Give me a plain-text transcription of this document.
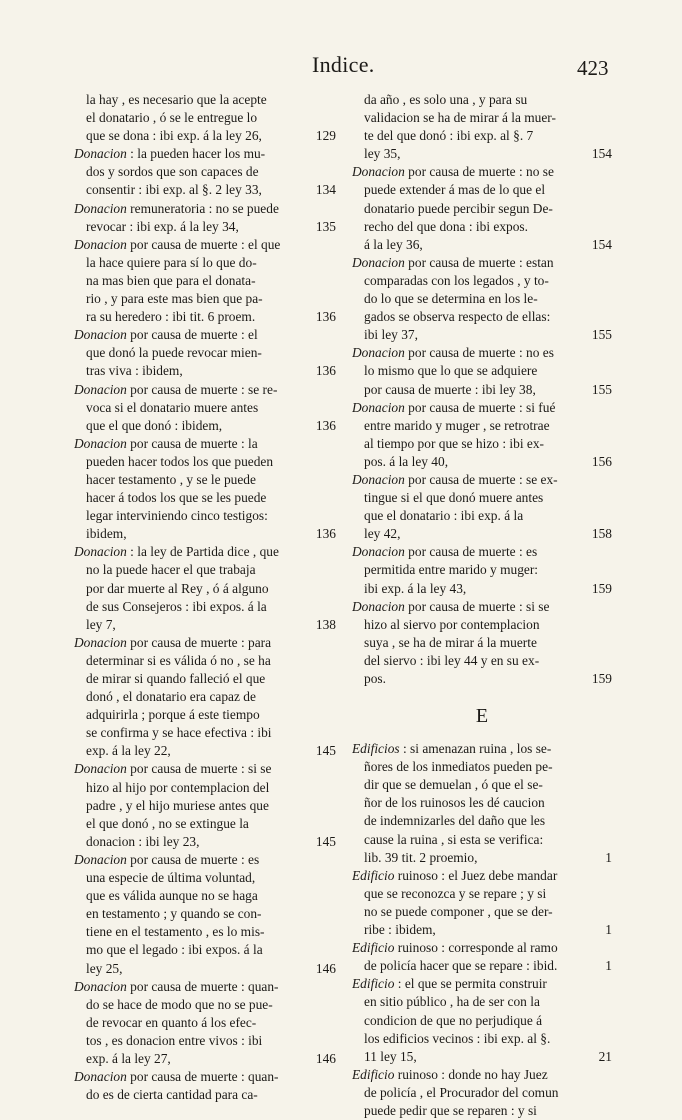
Indice.	423
la hay , es necesario que la acepte
el donatario , ó se le entregue lo
que se dona : ibi exp. á la ley 26,	129
Donacion : la pueden hacer los mu-
dos y sordos que son capaces de
consentir : ibi exp. al §. 2 ley 33,	134
Donacion remuneratoria : no se puede
revocar : ibi exp. á la ley 34,	135
Donacion por causa de muerte : el que
la hace quiere para sí lo que do-
na mas bien que para el donata-
rio , y para este mas bien que pa-
ra su heredero : ibi tit. 6 proem.	136
Donacion por causa de muerte : el
que donó la puede revocar mien-
tras viva : ibidem,	136
Donacion por causa de muerte : se re-
voca si el donatario muere antes
que el que donó : ibidem,	136
Donacion por causa de muerte : la
pueden hacer todos los que pueden
hacer testamento , y se le puede
hacer á todos los que se les puede
legar interviniendo cinco testigos:
ibidem,	136
Donacion : la ley de Partida dice , que
no la puede hacer el que trabaja
por dar muerte al Rey , ó á alguno
de sus Consejeros : ibi expos. á la
ley 7,	138
Donacion por causa de muerte : para
determinar si es válida ó no , se ha
de mirar si quando falleció el que
donó , el donatario era capaz de
adquirirla ; porque á este tiempo
se confirma y se hace efectiva : ibi
exp. á la ley 22,	145
Donacion por causa de muerte : si se
hizo al hijo por contemplacion del
padre , y el hijo muriese antes que
el que donó , no se extingue la
donacion : ibi ley 23,	145
Donacion por causa de muerte : es
una especie de última voluntad,
que es válida aunque no se haga
en testamento ; y quando se con-
tiene en el testamento , es lo mis-
mo que el legado : ibi expos. á la
ley 25,	146
Donacion por causa de muerte : quan-
do se hace de modo que no se pue-
de revocar en quanto á los efec-
tos , es donacion entre vivos : ibi
exp. á la ley 27,	146
Donacion por causa de muerte : quan-
do es de cierta cantidad para ca-
da año , es solo una , y para su
validacion se ha de mirar á la muer-
te del que donó : ibi exp. al §. 7
ley 35,	154
Donacion por causa de muerte : no se
puede extender á mas de lo que el
donatario puede percibir segun De-
recho del que dona : ibi expos.
á la ley 36,	154
Donacion por causa de muerte : estan
comparadas con los legados , y to-
do lo que se determina en los le-
gados se observa respecto de ellas:
ibi ley 37,	155
Donacion por causa de muerte : no es
lo mismo que lo que se adquiere
por causa de muerte : ibi ley 38,	155
Donacion por causa de muerte : si fué
entre marido y muger , se retrotrae
al tiempo por que se hizo : ibi ex-
pos. á la ley 40,	156
Donacion por causa de muerte : se ex-
tingue si el que donó muere antes
que el donatario : ibi exp. á la
ley 42,	158
Donacion por causa de muerte : es
permitida entre marido y muger:
ibi exp. á la ley 43,	159
Donacion por causa de muerte : si se
hizo al siervo por contemplacion
suya , se ha de mirar á la muerte
del siervo : ibi ley 44 y en su ex-
pos.	159
E
Edificios : si amenazan ruina , los se-
ñores de los inmediatos pueden pe-
dir que se demuelan , ó que el se-
ñor de los ruinosos les dé caucion
de indemnizarles del daño que les
cause la ruina , si esta se verifica:
lib. 39 tit. 2 proemio,	1
Edificio ruinoso : el Juez debe mandar
que se reconozca y se repare ; y si
no se puede componer , que se der-
ribe : ibidem,	1
Edificio ruinoso : corresponde al ramo
de policía hacer que se repare : ibid.	1
Edificio : el que se permita construir
en sitio público , ha de ser con la
condicion de que no perjudique á
los edificios vecinos : ibi exp. al §.
11 ley 15,	21
Edificio ruinoso : donde no hay Juez
de policía , el Procurador del comun
puede pedir que se reparen : y si
